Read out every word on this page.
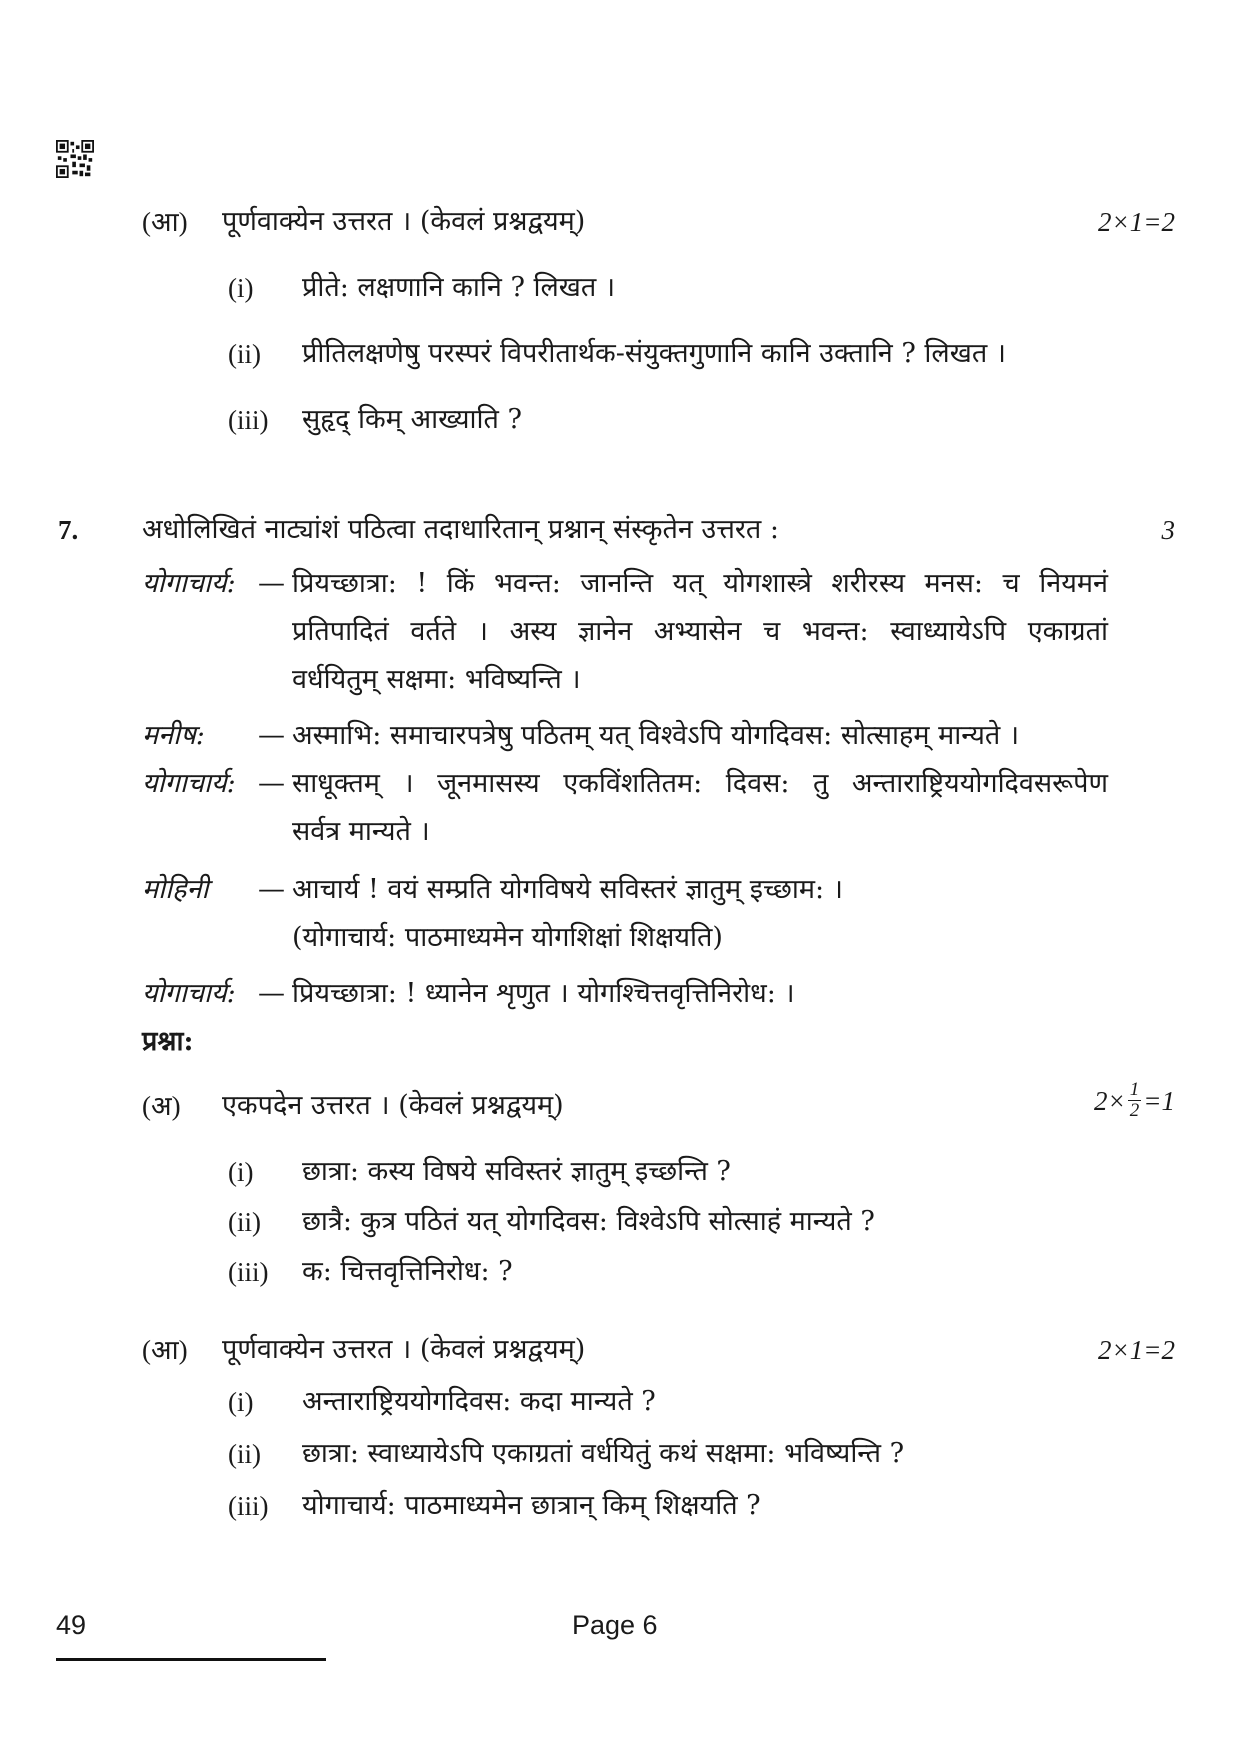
(आ) पूर्णवाक्येन उत्तरत । (केवलं प्रश्नद्वयम्)	2×1=2
(i) प्रीते: लक्षणानि कानि ? लिखत ।
(ii) प्रीतिलक्षणेषु परस्परं विपरीतार्थक-संयुक्तगुणानि कानि उक्तानि ? लिखत ।
(iii) सुहृद् किम् आख्याति ?
7. अधोलिखितं नाट्यांशं पठित्वा तदाधारितान् प्रश्नान् संस्कृतेन उत्तरत :	3
योगाचार्य: — प्रियच्छात्रा: ! किं भवन्त: जानन्ति यत् योगशास्त्रे शरीरस्य मनस: च नियमनं
प्रतिपादितं वर्तते । अस्य ज्ञानेन अभ्यासेन च भवन्त: स्वाध्यायेऽपि एकाग्रतां
वर्धयितुम् सक्षमा: भविष्यन्ति ।
मनीष: — अस्माभि: समाचारपत्रेषु पठितम् यत् विश्वेऽपि योगदिवस: सोत्साहम् मान्यते ।
योगाचार्य: — साधूक्तम् । जूनमासस्य एकविंशतितम: दिवस: तु अन्ताराष्ट्रिययोगदिवसरूपेण
सर्वत्र मान्यते ।
मोहिनी — आचार्य ! वयं सम्प्रति योगविषये सविस्तरं ज्ञातुम् इच्छाम: ।
(योगाचार्य: पाठमाध्यमेन योगशिक्षां शिक्षयति)
योगाचार्य: — प्रियच्छात्रा: ! ध्यानेन शृणुत । योगश्चित्तवृत्तिनिरोध: ।
प्रश्ना:
(अ) एकपदेन उत्तरत । (केवलं प्रश्नद्वयम्)	$2\times \frac{1}{2} =1$
(i) छात्रा: कस्य विषये सविस्तरं ज्ञातुम् इच्छन्ति ?
(ii) छात्रै: कुत्र पठितं यत् योगदिवस: विश्वेऽपि सोत्साहं मान्यते ?
(iii) क: चित्तवृत्तिनिरोध: ?
(आ) पूर्णवाक्येन उत्तरत । (केवलं प्रश्नद्वयम्)	2×1=2
(i) अन्ताराष्ट्रिययोगदिवस: कदा मान्यते ?
(ii) छात्रा: स्वाध्यायेऽपि एकाग्रतां वर्धयितुं कथं सक्षमा: भविष्यन्ति ?
(iii) योगाचार्य: पाठमाध्यमेन छात्रान् किम् शिक्षयति ?
49	Page 6
